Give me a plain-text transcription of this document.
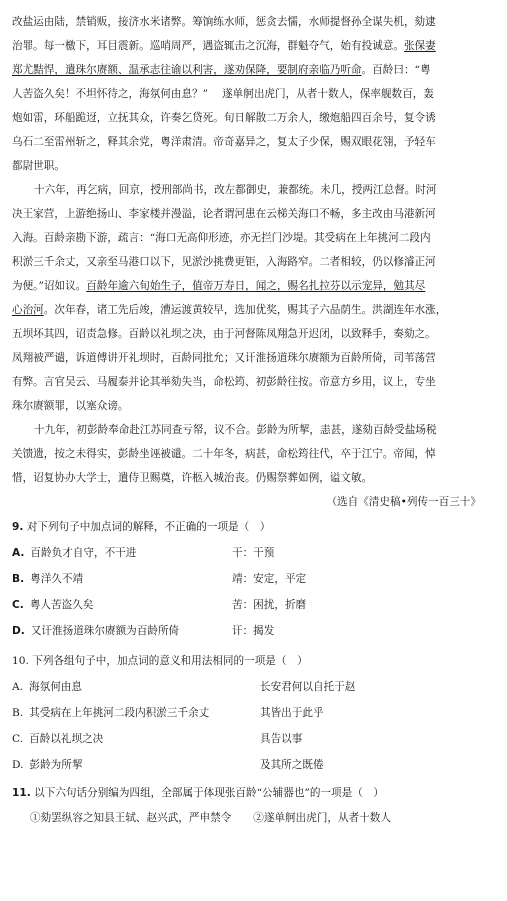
改盐运由陆，禁销贩，接济水米诸弊。筹饷练水师，惩贪去懦，水师提督孙全谋失机，劾逮
治罪。每一檄下，耳目震新。巡哨周严，遇盗辄击之沉海，群魁夺气，始有投诚意。张保妻
郑尤黠悍，遣珠尔赓额、温承志往谕以利害，遂劝保降，要制府亲临乃听命。百龄曰：“粤
人苦盗久矣！不坦怀待之，海氛何由息？”　 遂单舸出虎门，从者十数人，保率舰数百，轰
炮如雷，环船跪迓，立抚其众，许奏乞贷死。旬日解散二万余人，缴炮船四百余号，复令诱
乌石二至雷州斩之，释其余党，粤洋肃清。帝奇嘉异之，复太子少保，赐双眼花翎，予轻车
都尉世职。
十六年，再乞病，回京，授刑部尚书，改左都御史，兼都统。未几，授两江总督。时河
决王家营，上游绝扬山、李家楼并漫溢，论者谓河患在云梯关海口不畅，多主改由马港新河
入海。百龄亲勘下游，疏言：“海口无高仰形迹，亦无拦门沙堤。其受病在上年挑河二段内
积淤三千余丈，又亲至马港口以下，见淤沙挑费更钜，入海路窄。二者相较，仍以修濬正河
为便。”诏如议。百龄年逾六旬始生子，值帝万寿日，闻之，赐名扎拉芬以示宠异，勉其尽
心治河。次年春，诸工先后竣，漕运渡黄较早，选加优奖，赐其子六品荫生。洪湖连年水涨，
五坝坏其四，诏责急修。百龄以礼坝之决，由于河督陈凤翔急开迟闭，以致释手，奏劾之。
凤翔被严谴，诉道傅讲开礼坝时，百龄同批允；又讦淮扬道珠尔赓额为百龄所倚，司苇荡营
有弊。言官吴云、马履泰并论其举劾失当，命松筠、初彭龄往按。帝意方乡用，议上，专坐
珠尔赓额罪，以塞众谤。
十九年，初彭龄奉命赴江苏同查亏帑，议不合。彭龄为所挈，恚甚，遂劾百龄受盐场税
关馈遗，按之未得实，彭龄坐诬被谴。二十年冬，病甚，命松筠往代，卒于江宁。帝闻，悼
惜，诏复协办大学士，遣侍卫赐奠，许柩入城治丧。仍赐祭葬如例，谥文敏。
（选自《清史稿•列传一百三十》
9. 对下列句子中加点词的解释，不正确的一项是（　）
A. 百龄负才自守，不干进	干：干预
B. 粤洋久不靖	靖：安定，平定
C. 粤人苦盗久矣	苦：困扰，折磨
D. 又讦淮扬道珠尔赓额为百龄所倚	讦：揭发
10. 下列各组句子中，加点词的意义和用法相同的一项是（　）
A. 海氛何由息	长安君何以自托于赵
B. 其受病在上年挑河二段内积淤三千余丈	其皆出于此乎
C. 百龄以礼坝之决	具告以事
D. 彭龄为所挈	及其所之既倦
11. 以下六句话分别编为四组，全部属于体现张百龄“公辅器也”的一项是（　）
①劾罢纵容之知县王轼、赵兴武，严申禁令 ②遂单舸出虎门，从者十数人
